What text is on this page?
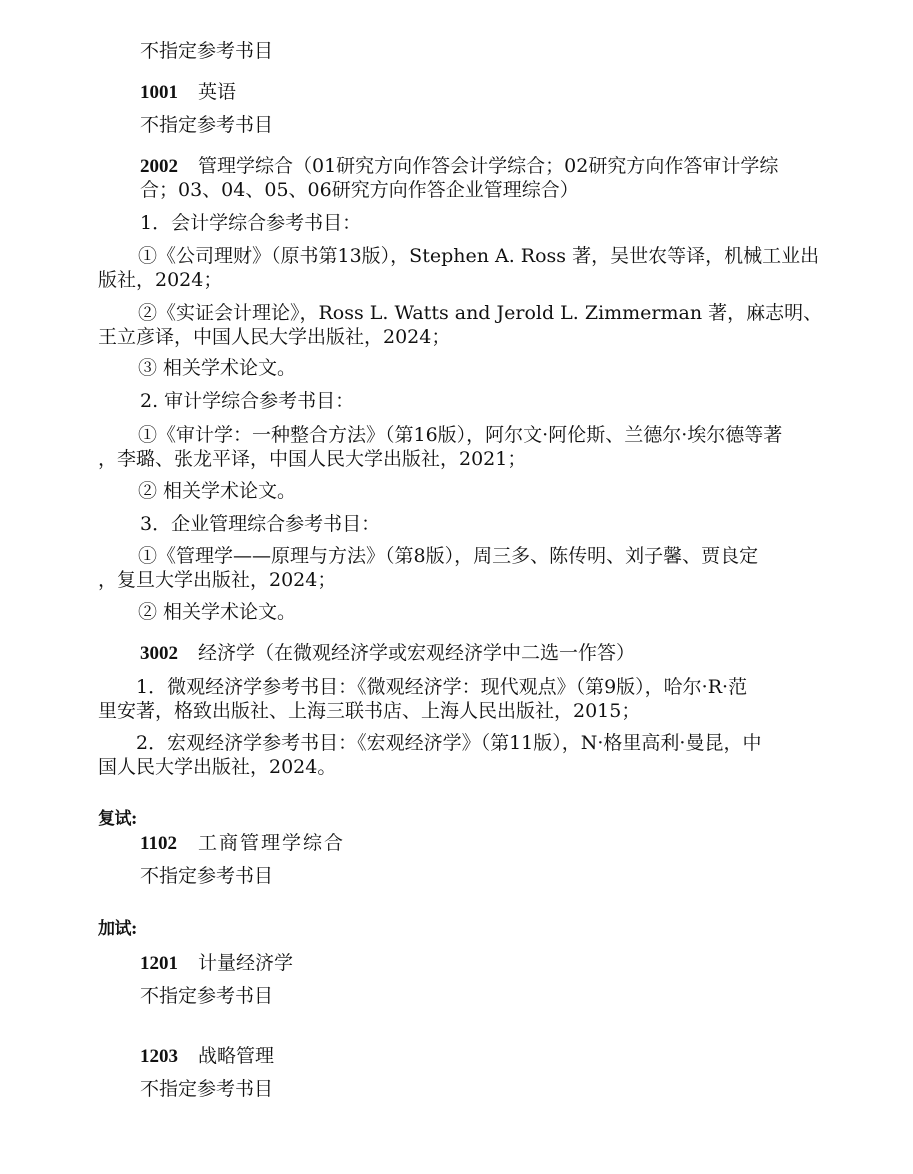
不指定参考书目
1001 英语
不指定参考书目
2002 管理学综合（01研究方向作答会计学综合；02研究方向作答审计学综
合；03、04、05、06研究方向作答企业管理综合）
1．会计学综合参考书目：
①《公司理财》（原书第13版），Stephen A. Ross 著，吴世农等译，机械工业出
版社，2024；
②《实证会计理论》，Ross L. Watts and Jerold L. Zimmerman 著，麻志明、
王立彦译，中国人民大学出版社，2024；
③ 相关学术论文。
2. 审计学综合参考书目：
①《审计学：一种整合方法》（第16版），阿尔文·阿伦斯、兰德尔·埃尔德等著
，李璐、张龙平译，中国人民大学出版社，2021；
② 相关学术论文。
3．企业管理综合参考书目：
①《管理学——原理与方法》（第8版），周三多、陈传明、刘子馨、贾良定
，复旦大学出版社，2024；
② 相关学术论文。
3002 经济学（在微观经济学或宏观经济学中二选一作答）
1．微观经济学参考书目：《微观经济学：现代观点》（第9版），哈尔·R·范
里安著，格致出版社、上海三联书店、上海人民出版社，2015；
2．宏观经济学参考书目：《宏观经济学》（第11版），N·格里高利·曼昆，中
国人民大学出版社，2024。
复试:
1102 工商管理学综合
不指定参考书目
加试:
1201 计量经济学
不指定参考书目
1203 战略管理
不指定参考书目
